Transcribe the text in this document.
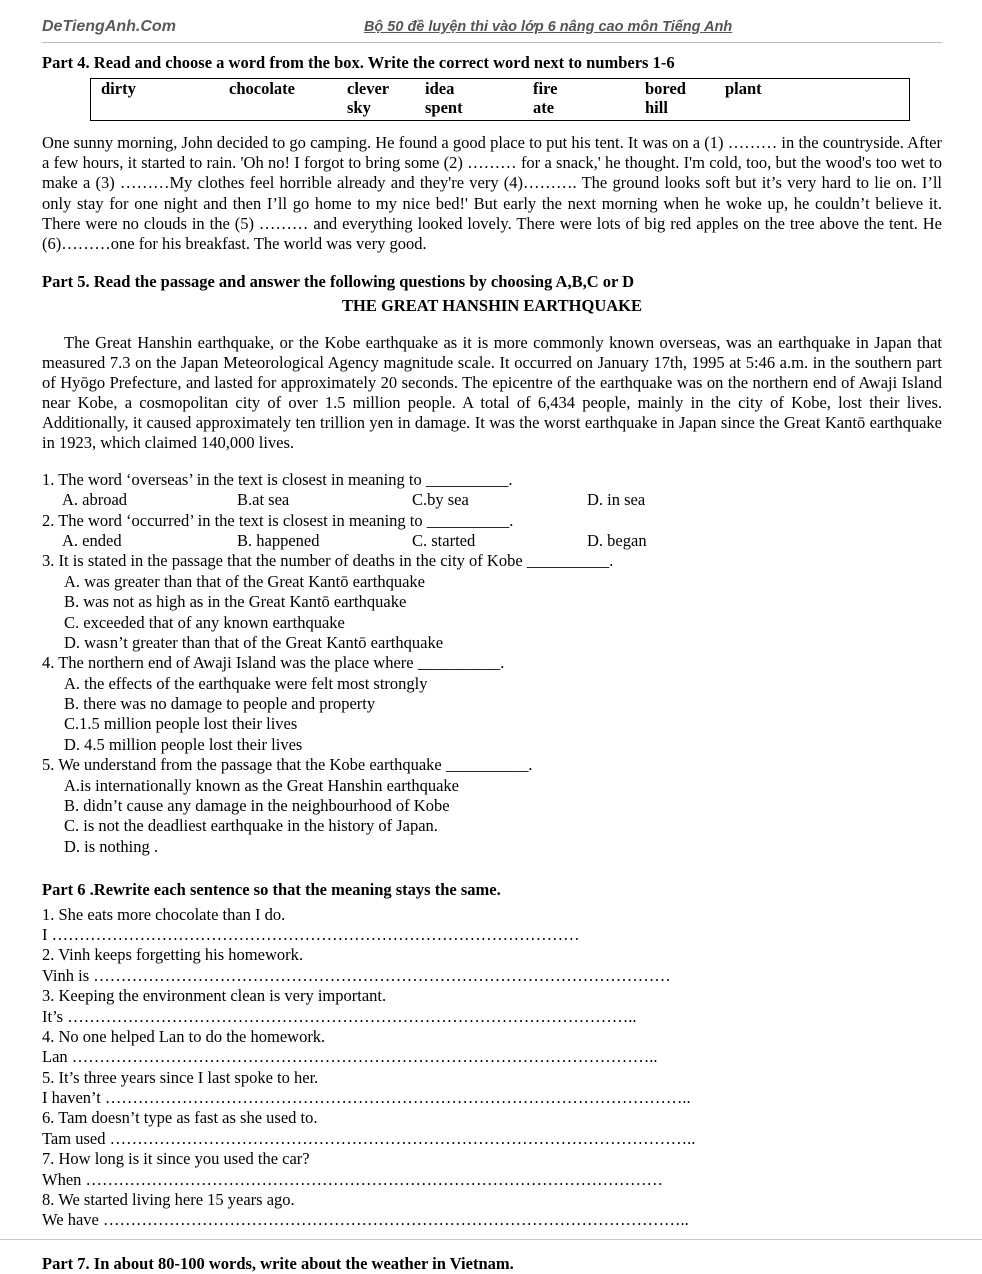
DeTiengAnh.Com	Bộ 50 đề luyện thi vào lớp 6 nâng cao môn Tiếng Anh
Part 4. Read and choose a word from the box. Write the correct word next to numbers 1-6
dirty	chocolate	clever	idea	fire	bored	plant
sky	spent	ate	hill

One sunny morning, John decided to go camping. He found a good place to put his tent. It was on a (1) ……… in the countryside. After a few hours, it started to rain. 'Oh no! I forgot to bring some (2) ……… for a snack,' he thought. I'm cold, too, but the wood's too wet to make a (3) ………My clothes feel horrible already and they're very (4)………. The ground looks soft but it’s very hard to lie on. I’ll only stay for one night and then I’ll go home to my nice bed!' But early the next morning when he woke up, he couldn’t believe it. There were no clouds in the (5) ……… and everything looked lovely. There were lots of big red apples on the tree above the tent. He (6)………one for his breakfast. The world was very good.

Part 5. Read the passage and answer the following questions by choosing A,B,C or D

THE GREAT HANSHIN EARTHQUAKE

The Great Hanshin earthquake, or the Kobe earthquake as it is more commonly known overseas, was an earthquake in Japan that measured 7.3 on the Japan Meteorological Agency magnitude scale. It occurred on January 17th, 1995 at 5:46 a.m. in the southern part of Hyōgo Prefecture, and lasted for approximately 20 seconds. The epicentre of the earthquake was on the northern end of Awaji Island near Kobe, a cosmopolitan city of over 1.5 million people. A total of 6,434 people, mainly in the city of Kobe, lost their lives. Additionally, it caused approximately ten trillion yen in damage. It was the worst earthquake in Japan since the Great Kantō earthquake in 1923, which claimed 140,000 lives.

1. The word ‘overseas’ in the text is closest in meaning to __________.

A. abroad	B.at sea	C.by sea	D. in sea

2. The word ‘occurred’ in the text is closest in meaning to __________.

A. ended	B. happened	C. started	D. began

3. It is stated in the passage that the number of deaths in the city of Kobe __________.

A. was greater than that of the Great Kantō earthquake

B. was not as high as in the Great Kantō earthquake

C. exceeded that of any known earthquake

D. wasn’t greater than that of the Great Kantō earthquake

4. The northern end of Awaji Island was the place where __________.

A. the effects of the earthquake were felt most strongly

B. there was no damage to people and property

C.1.5 million people lost their lives

D. 4.5 million people lost their lives

5. We understand from the passage that the Kobe earthquake __________.

A.is internationally known as the Great Hanshin earthquake

B. didn’t cause any damage in the neighbourhood of Kobe

C. is not the deadliest earthquake in the history of Japan.

D. is nothing .

Part 6 .Rewrite each sentence so that the meaning stays the same.

1. She eats more chocolate than I do.

I ……………………………………………………………………………………

2. Vinh keeps forgetting his homework.

Vinh is ……………………………………………………………………………………………

3. Keeping the environment clean is very important.

It’s …………………………………………………………………………………………..

4. No one helped Lan to do the homework.

Lan ……………………………………………………………………………………………..

5. It’s three years since I last spoke to her.

I haven’t ……………………………………………………………………………………………..

6. Tam doesn’t type as fast as she used to.

Tam used ……………………………………………………………………………………………..

7. How long is it since you used the car?

When ……………………………………………………………………………………………

8. We started living here 15 years ago.

We have ……………………………………………………………………………………………..

Part 7. In about 80-100 words, write about the weather in Vietnam.
